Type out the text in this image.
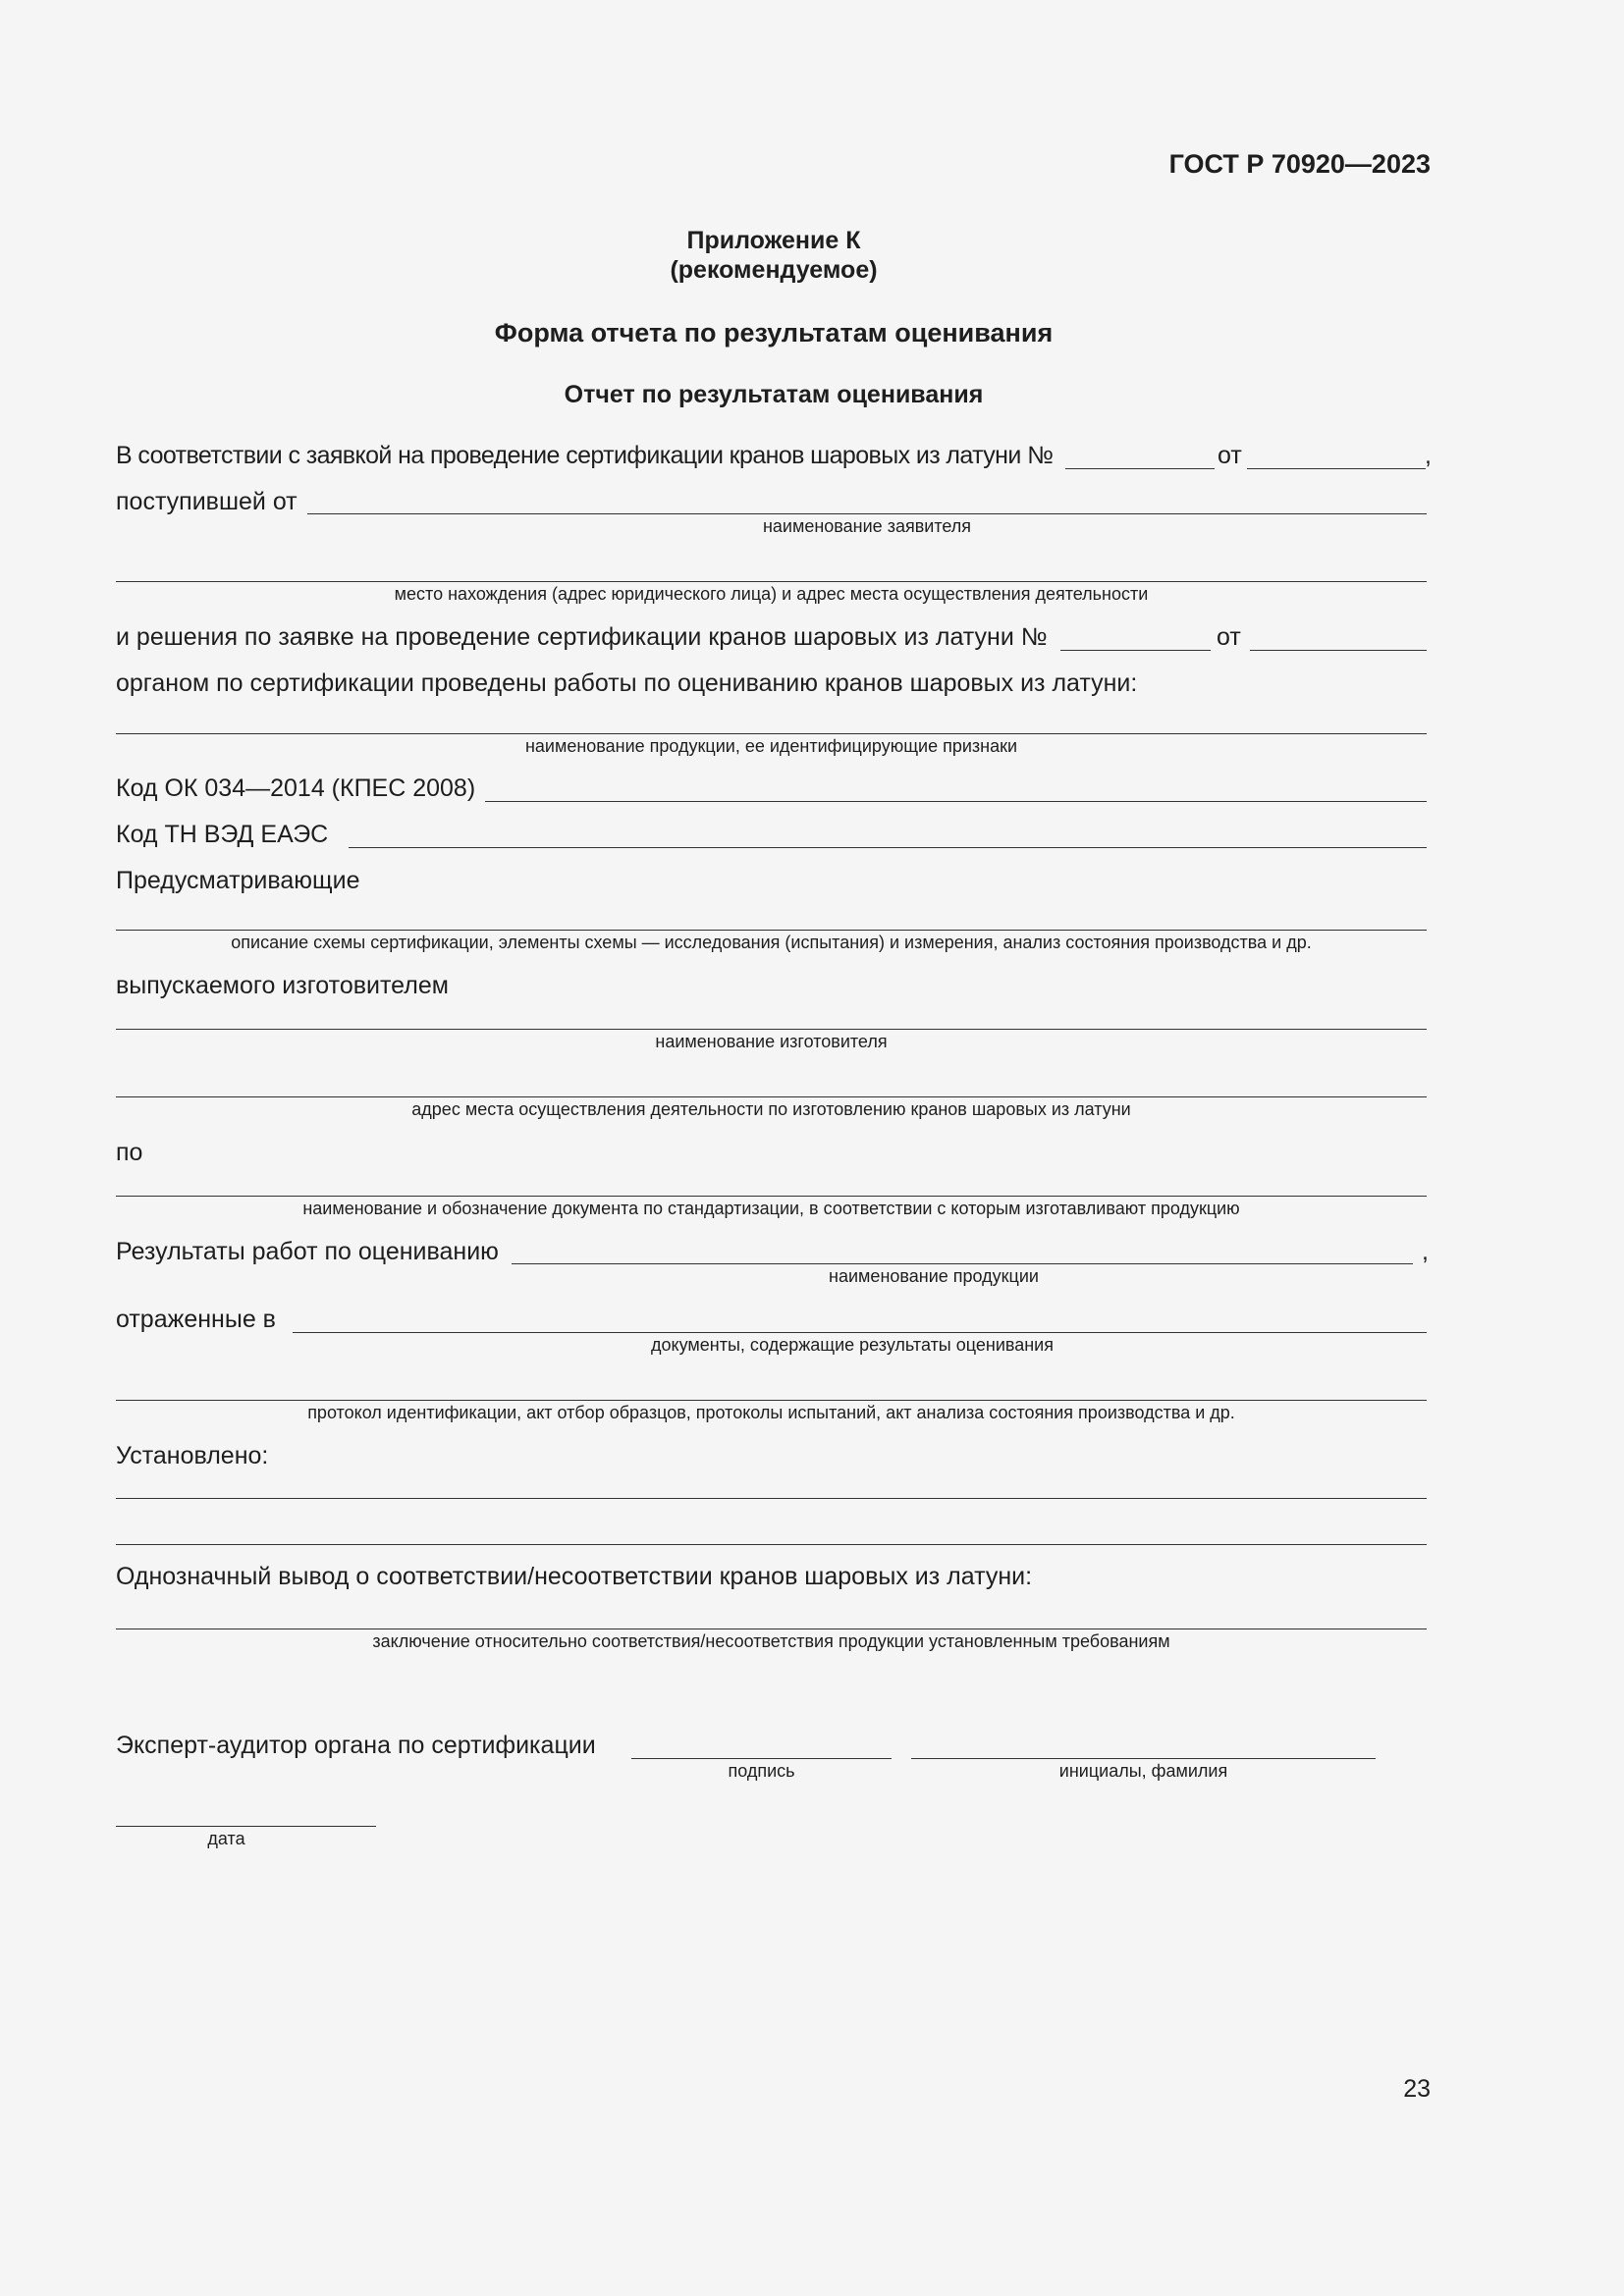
ГОСТ Р 70920—2023
Приложение К
(рекомендуемое)
Форма отчета по результатам оценивания
Отчет по результатам оценивания
В соответствии с заявкой на проведение сертификации кранов шаровых из латуни №	от	,
поступившей от
наименование заявителя
место нахождения (адрес юридического лица) и адрес места осуществления деятельности
и решения по заявке на проведение сертификации кранов шаровых из латуни №	от
органом по сертификации проведены работы по оцениванию кранов шаровых из латуни:
наименование продукции, ее идентифицирующие признаки
Код ОК 034—2014 (КПЕС 2008)
Код ТН ВЭД ЕАЭС
Предусматривающие
описание схемы сертификации, элементы схемы — исследования (испытания) и измерения, анализ состояния производства и др.
выпускаемого изготовителем
наименование изготовителя
адрес места осуществления деятельности по изготовлению кранов шаровых из латуни
по
наименование и обозначение документа по стандартизации, в соответствии с которым изготавливают продукцию
Результаты работ по оцениванию	,
наименование продукции
отраженные в
документы, содержащие результаты оценивания
протокол идентификации, акт отбор образцов, протоколы испытаний, акт анализа состояния производства и др.
Установлено:
Однозначный вывод о соответствии/несоответствии кранов шаровых из латуни:
заключение относительно соответствия/несоответствия продукции установленным требованиям
Эксперт-аудитор органа по сертификации
подпись	инициалы, фамилия
дата
23
